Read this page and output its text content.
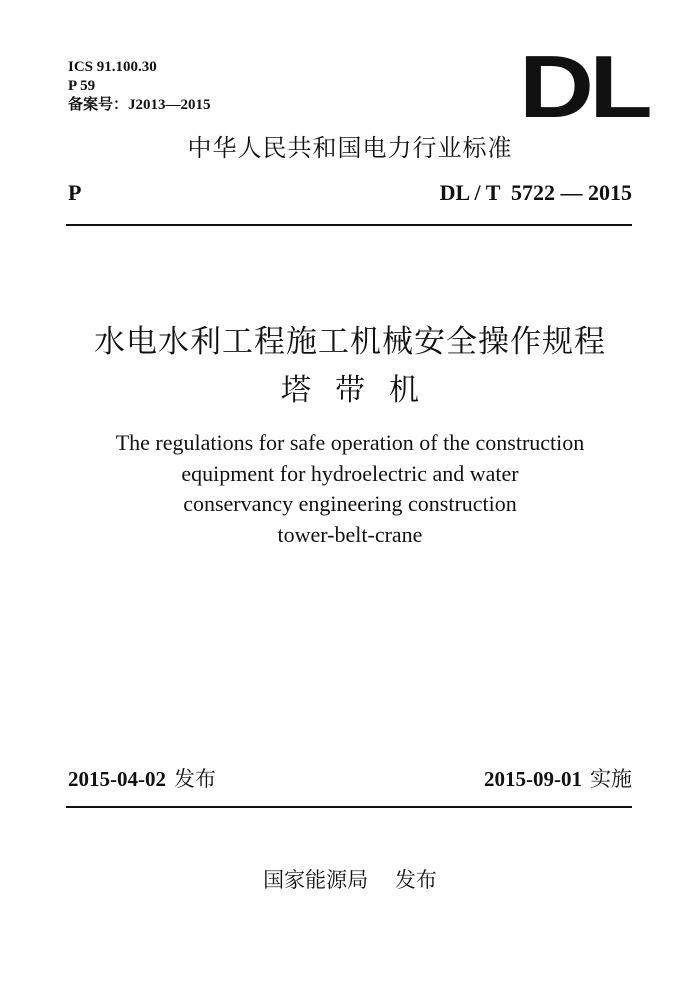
ICS 91.100.30
P 59
备案号：J2013—2015	DL
中华人民共和国电力行业标准
P	DL / T  5722 — 2015
水电水利工程施工机械安全操作规程
塔带机
The regulations for safe operation of the construction
equipment for hydroelectric and water
conservancy engineering construction
tower-belt-crane
2015-04-02 发布	2015-09-01 实施
国家能源局    发布
